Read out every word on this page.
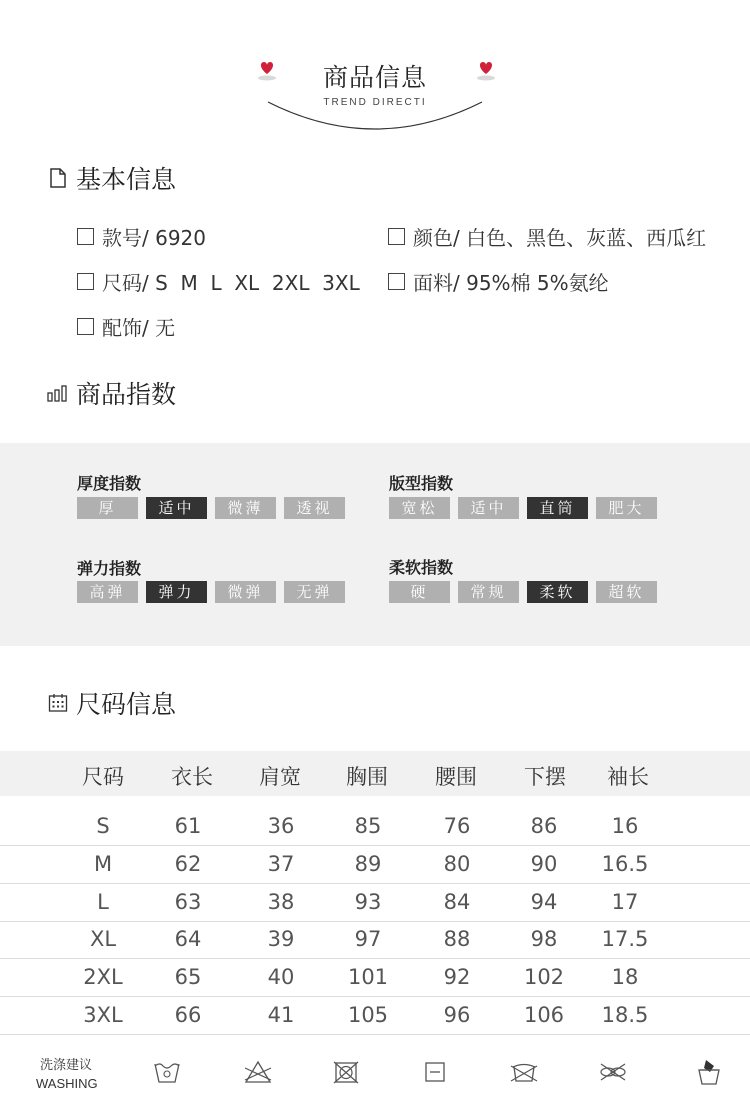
商品信息
TREND DIRECTI
基本信息
款号/ 6920	颜色/ 白色、黑色、灰蓝、西瓜红
尺码/ S  M  L  XL  2XL  3XL	面料/ 95%棉 5%氨纶
配饰/ 无
商品指数
厚度指数
厚	适中	微薄	透视
版型指数
宽松	适中	直筒	肥大
弹力指数
高弹	弹力	微弹	无弹
柔软指数
硬	常规	柔软	超软
尺码信息
尺码	衣长	肩宽	胸围	腰围	下摆	袖长
S	61	36	85	76	86	16
M	62	37	89	80	90	16.5
L	63	38	93	84	94	17
XL	64	39	97	88	98	17.5
2XL	65	40	101	92	102	18
3XL	66	41	105	96	106	18.5
洗涤建议
WASHING
